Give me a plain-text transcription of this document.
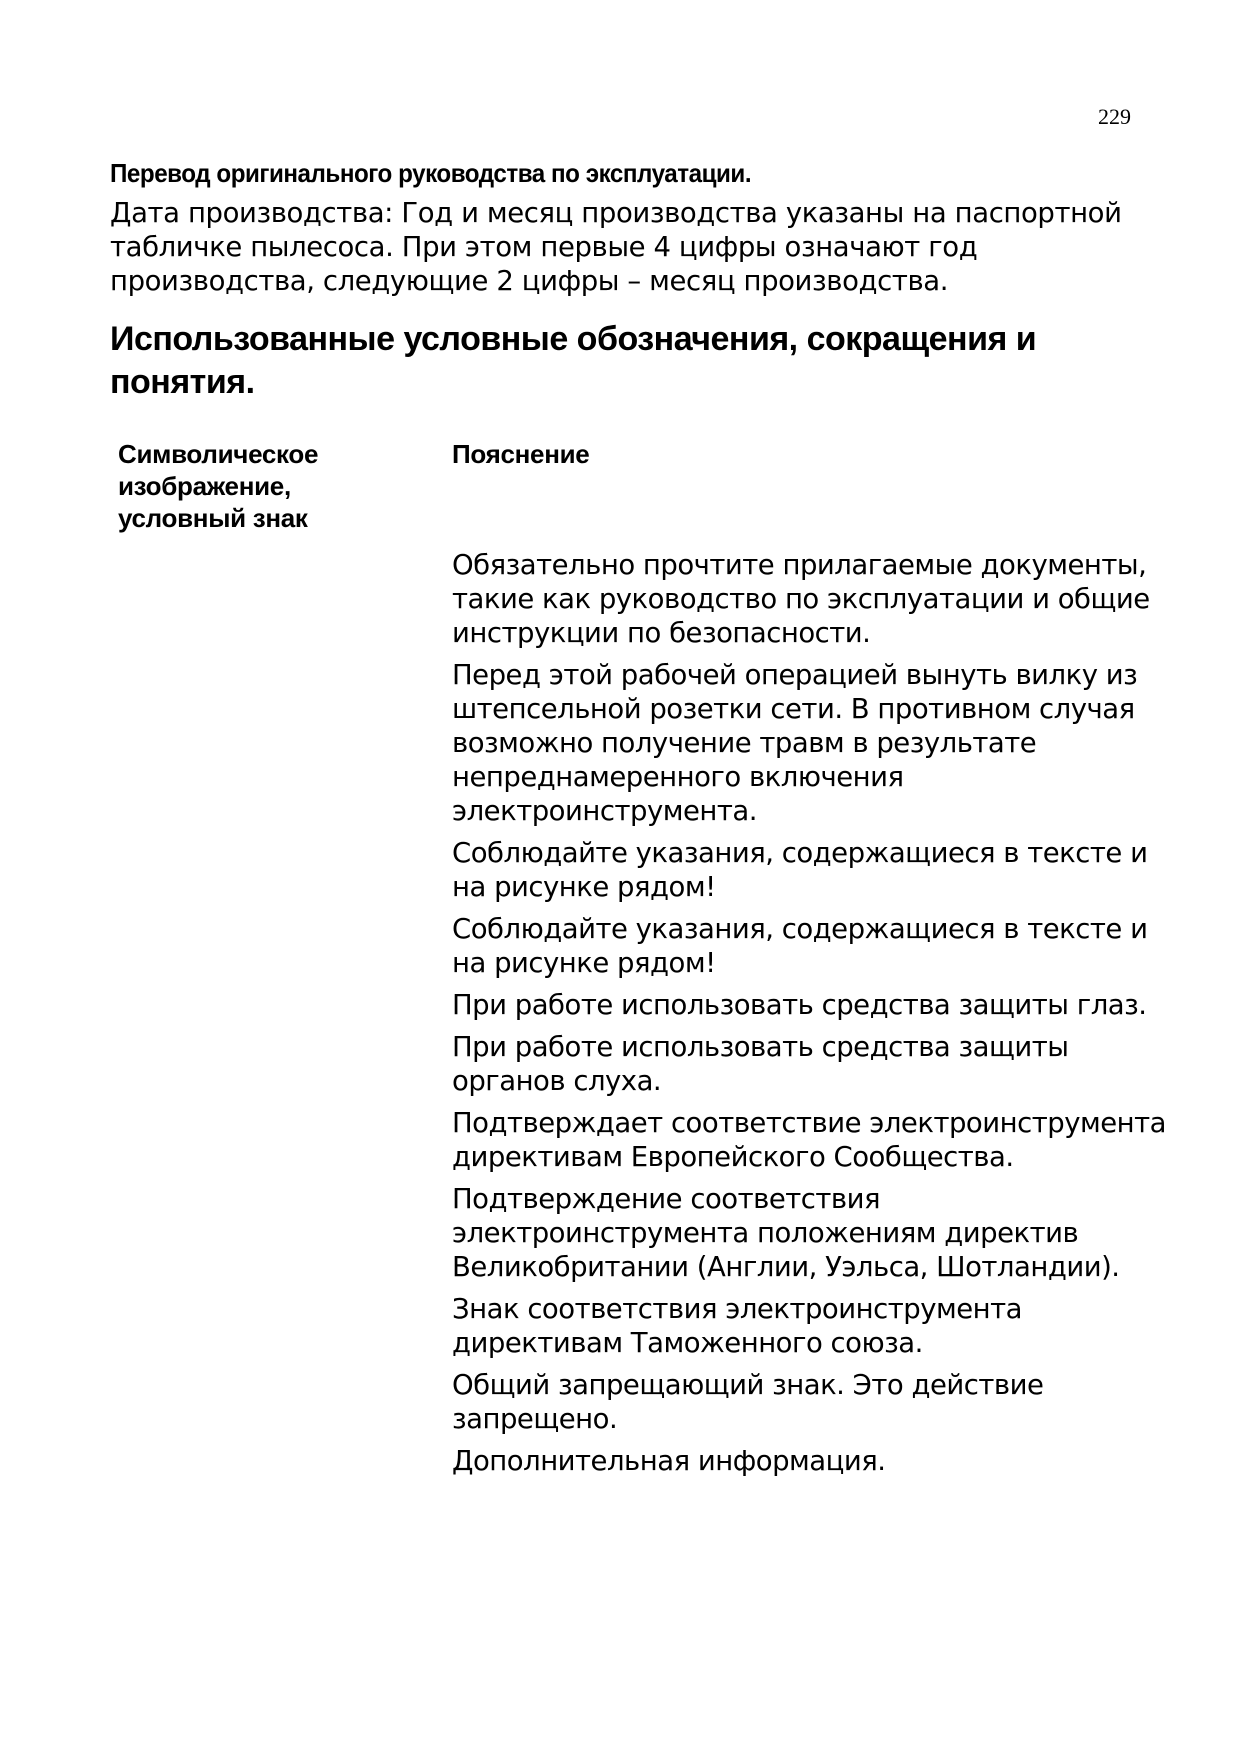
229
Перевод оригинального руководства по эксплуатации.
Дата производства: Год и месяц производства указаны на паспортной табличке пылесоса. При этом первые 4 цифры означают год производства, следующие 2 цифры – месяц производства.
Использованные условные обозначения, сокращения и понятия.
Символическое изображение, условный знак
Пояснение
Обязательно прочтите прилагаемые документы, такие как руководство по эксплуатации и общие инструкции по безопасности.
Перед этой рабочей операцией вынуть вилку из штепсельной розетки сети. В противном случая возможно получение травм в результате непреднамеренного включения электроинструмента.
Соблюдайте указания, содержащиеся в тексте и на рисунке рядом!
Соблюдайте указания, содержащиеся в тексте и на рисунке рядом!
При работе использовать средства защиты глаз.
При работе использовать средства защиты органов слуха.
Подтверждает соответствие электроинструмента директивам Европейского Сообщества.
Подтверждение соответствия электроинструмента положениям директив Великобритании (Англии, Уэльса, Шотландии).
Знак соответствия электроинструмента директивам Таможенного союза.
Общий запрещающий знак. Это действие запрещено.
Дополнительная информация.
